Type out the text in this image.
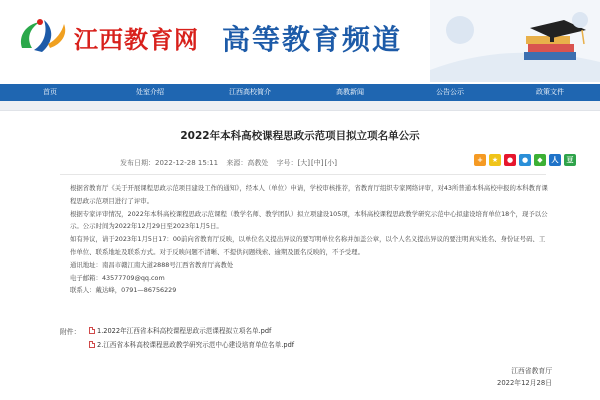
江西教育网 高等教育频道
首页	处室介绍	江西高校简介	高教新闻	公告公示	政策文件
2022年本科高校课程思政示范项目拟立项名单公示
发布日期：2022-12-28 15:11 来源：高教处 字号：[大][中][小]	+	★	●	●	◆	人	豆

根据省教育厅《关于开展课程思政示范项目建设工作的通知》，经本人（单位）申请，学校审核推荐，省教育厅组织专家网络评审，对43所普通本科高校申报的本科教育课程思政示范项目进行了评审。

根据专家评审情况，2022年本科高校课程思政示范课程（教学名师、教学团队）拟立项建设105项，本科高校课程思政教学研究示范中心拟建设培育单位18个，现予以公示。公示时间为2022年12月29日至2023年1月5日。

如有异议，请于2023年1月5日17：00前向省教育厅反映，以单位名义提出异议的要写明单位名称并加盖公章，以个人名义提出异议的要注明真实姓名、身份证号码、工作单位、联系地址及联系方式。对于反映问题不清晰、不提供问题线索、逾期及匿名反映的，不予受理。

通讯地址：南昌市赣江南大道2888号江西省教育厅高教处

电子邮箱：43577709@qq.com

联系人：戴达峰，0791—86756229

附件：	1.2022年江西省本科高校课程思政示范课程拟立项名单.pdf
2.江西省本科高校课程思政教学研究示范中心建设培育单位名单.pdf
江西省教育厅
2022年12月28日
